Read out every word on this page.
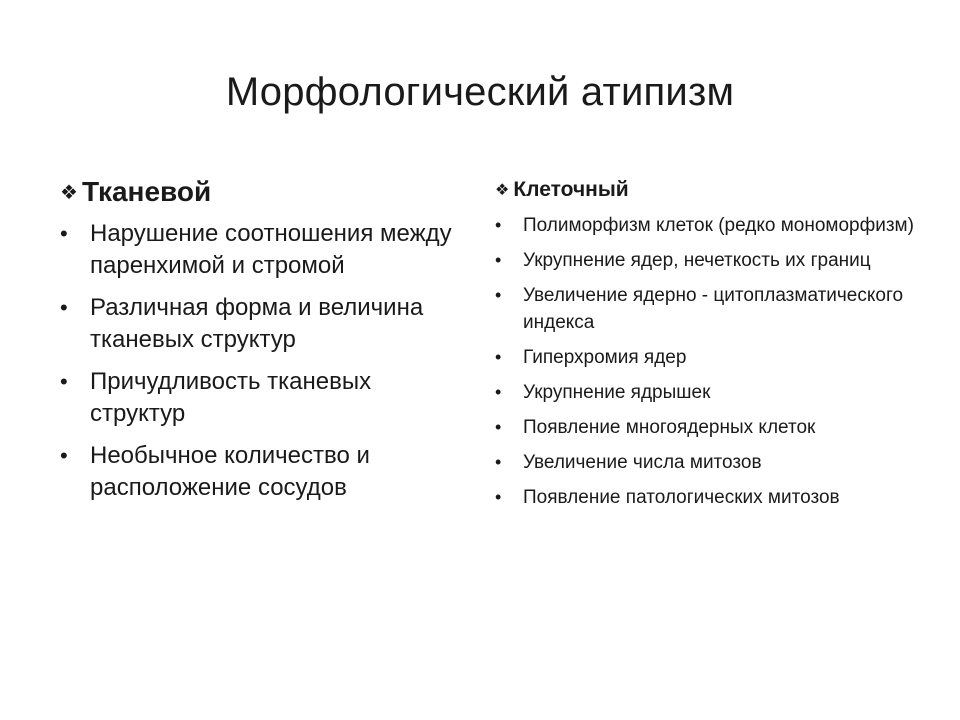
Морфологический атипизм
❖ Тканевой
• Нарушение соотношения между паренхимой и стромой
• Различная форма и величина тканевых структур
• Причудливость тканевых структур
• Необычное количество и расположение сосудов
❖ Клеточный
• Полиморфизм клеток (редко мономорфизм)
• Укрупнение ядер, нечеткость их границ
• Увеличение ядерно - цитоплазматического индекса
• Гиперхромия ядер
• Укрупнение ядрышек
• Появление многоядерных клеток
• Увеличение числа митозов
• Появление патологических митозов
